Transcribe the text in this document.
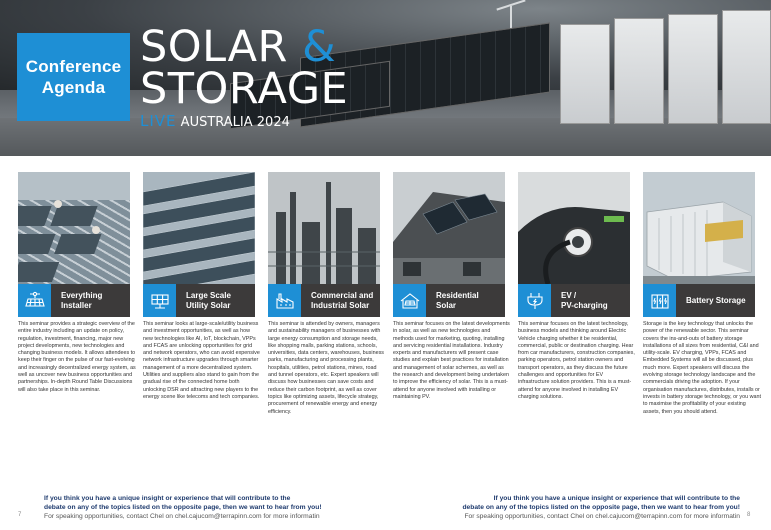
Conference
Agenda
SOLAR &
STORAGE
LIVE AUSTRALIA 2024
Everything
Installer
This seminar provides a strategic overview of the entire industry including an update on policy, regulation, investment, financing, major new project developments, new technologies and changing business models. It allows attendees to keep their finger on the pulse of our fast-evolving and increasingly decentralized energy system, as well as uncover new business opportunities and partnerships. In-depth Round Table Discussions will also take place in this seminar.
Large Scale
Utility Solar
This seminar looks at large-scale/utility business and investment opportunities, as well as how new technologies like AI, IoT, blockchain, VPPs and FCAS are unlocking opportunities for grid and network operators, who can avoid expensive network infrastructure upgrades through smarter management of a more decentralized system. Utilities and suppliers also stand to gain from the gradual rise of the connected home both unlocking DSR and attracting new players to the energy scene like telecoms and tech companies.
Commercial and
Industrial Solar
This seminar is attended by owners, managers and sustainability managers of businesses with large energy consumption and storage needs, like shopping malls, parking stations, schools, universities, data centers, warehouses, business parks, manufacturing and processing plants, hospitals, utilities, petrol stations, mines, road and tunnel operators, etc. Expert speakers will discuss how businesses can save costs and reduce their carbon footprint, as well as cover topics like optimizing assets, lifecycle strategy, procurement of renewable energy and energy efficiency.
Residential
Solar
This seminar focuses on the latest developments in solar, as well as new technologies and methods used for marketing, quoting, installing and servicing residential installations. Industry experts and manufacturers will present case studies and explain best practices for installation and management of solar schemes, as well as the research and development being undertaken to improve the efficiency of solar. This is a must-attend for anyone involved with installing or maintaining PV.
EV /
PV-charging
This seminar focuses on the latest technology, business models and thinking around Electric Vehicle charging whether it be residential, commercial, public or destination charging. Hear from car manufacturers, construction companies, parking operators, petrol station owners and transport operators, as they discuss the future challenges and opportunities for EV infrastructure solution providers. This is a must-attend for anyone involved in installing EV charging solutions.
Battery Storage
Storage is the key technology that unlocks the power of the renewable sector. This seminar covers the ins-and-outs of battery storage installations of all sizes from residential, C&I and utility-scale. EV charging, VPPs, FCAS and Embedded Systems will all be discussed, plus much more. Expert speakers will discuss the evolving storage technology landscape and the commercials driving the adoption. If your organisation manufactures, distributes, installs or invests in battery storage technology, or you want to maximise the profitability of your existing assets, then you should attend.
If you think you have a unique insight or experience that will contribute to the
debate on any of the topics listed on the opposite page, then we want to hear from you!
For speaking opportunities, contact Chel on chel.cajucom@terrapinn.com for more informatin
7
If you think you have a unique insight or experience that will contribute to the
debate on any of the topics listed on the opposite page, then we want to hear from you!
For speaking opportunities, contact Chel on chel.cajucom@terrapinn.com for more informatin 8
